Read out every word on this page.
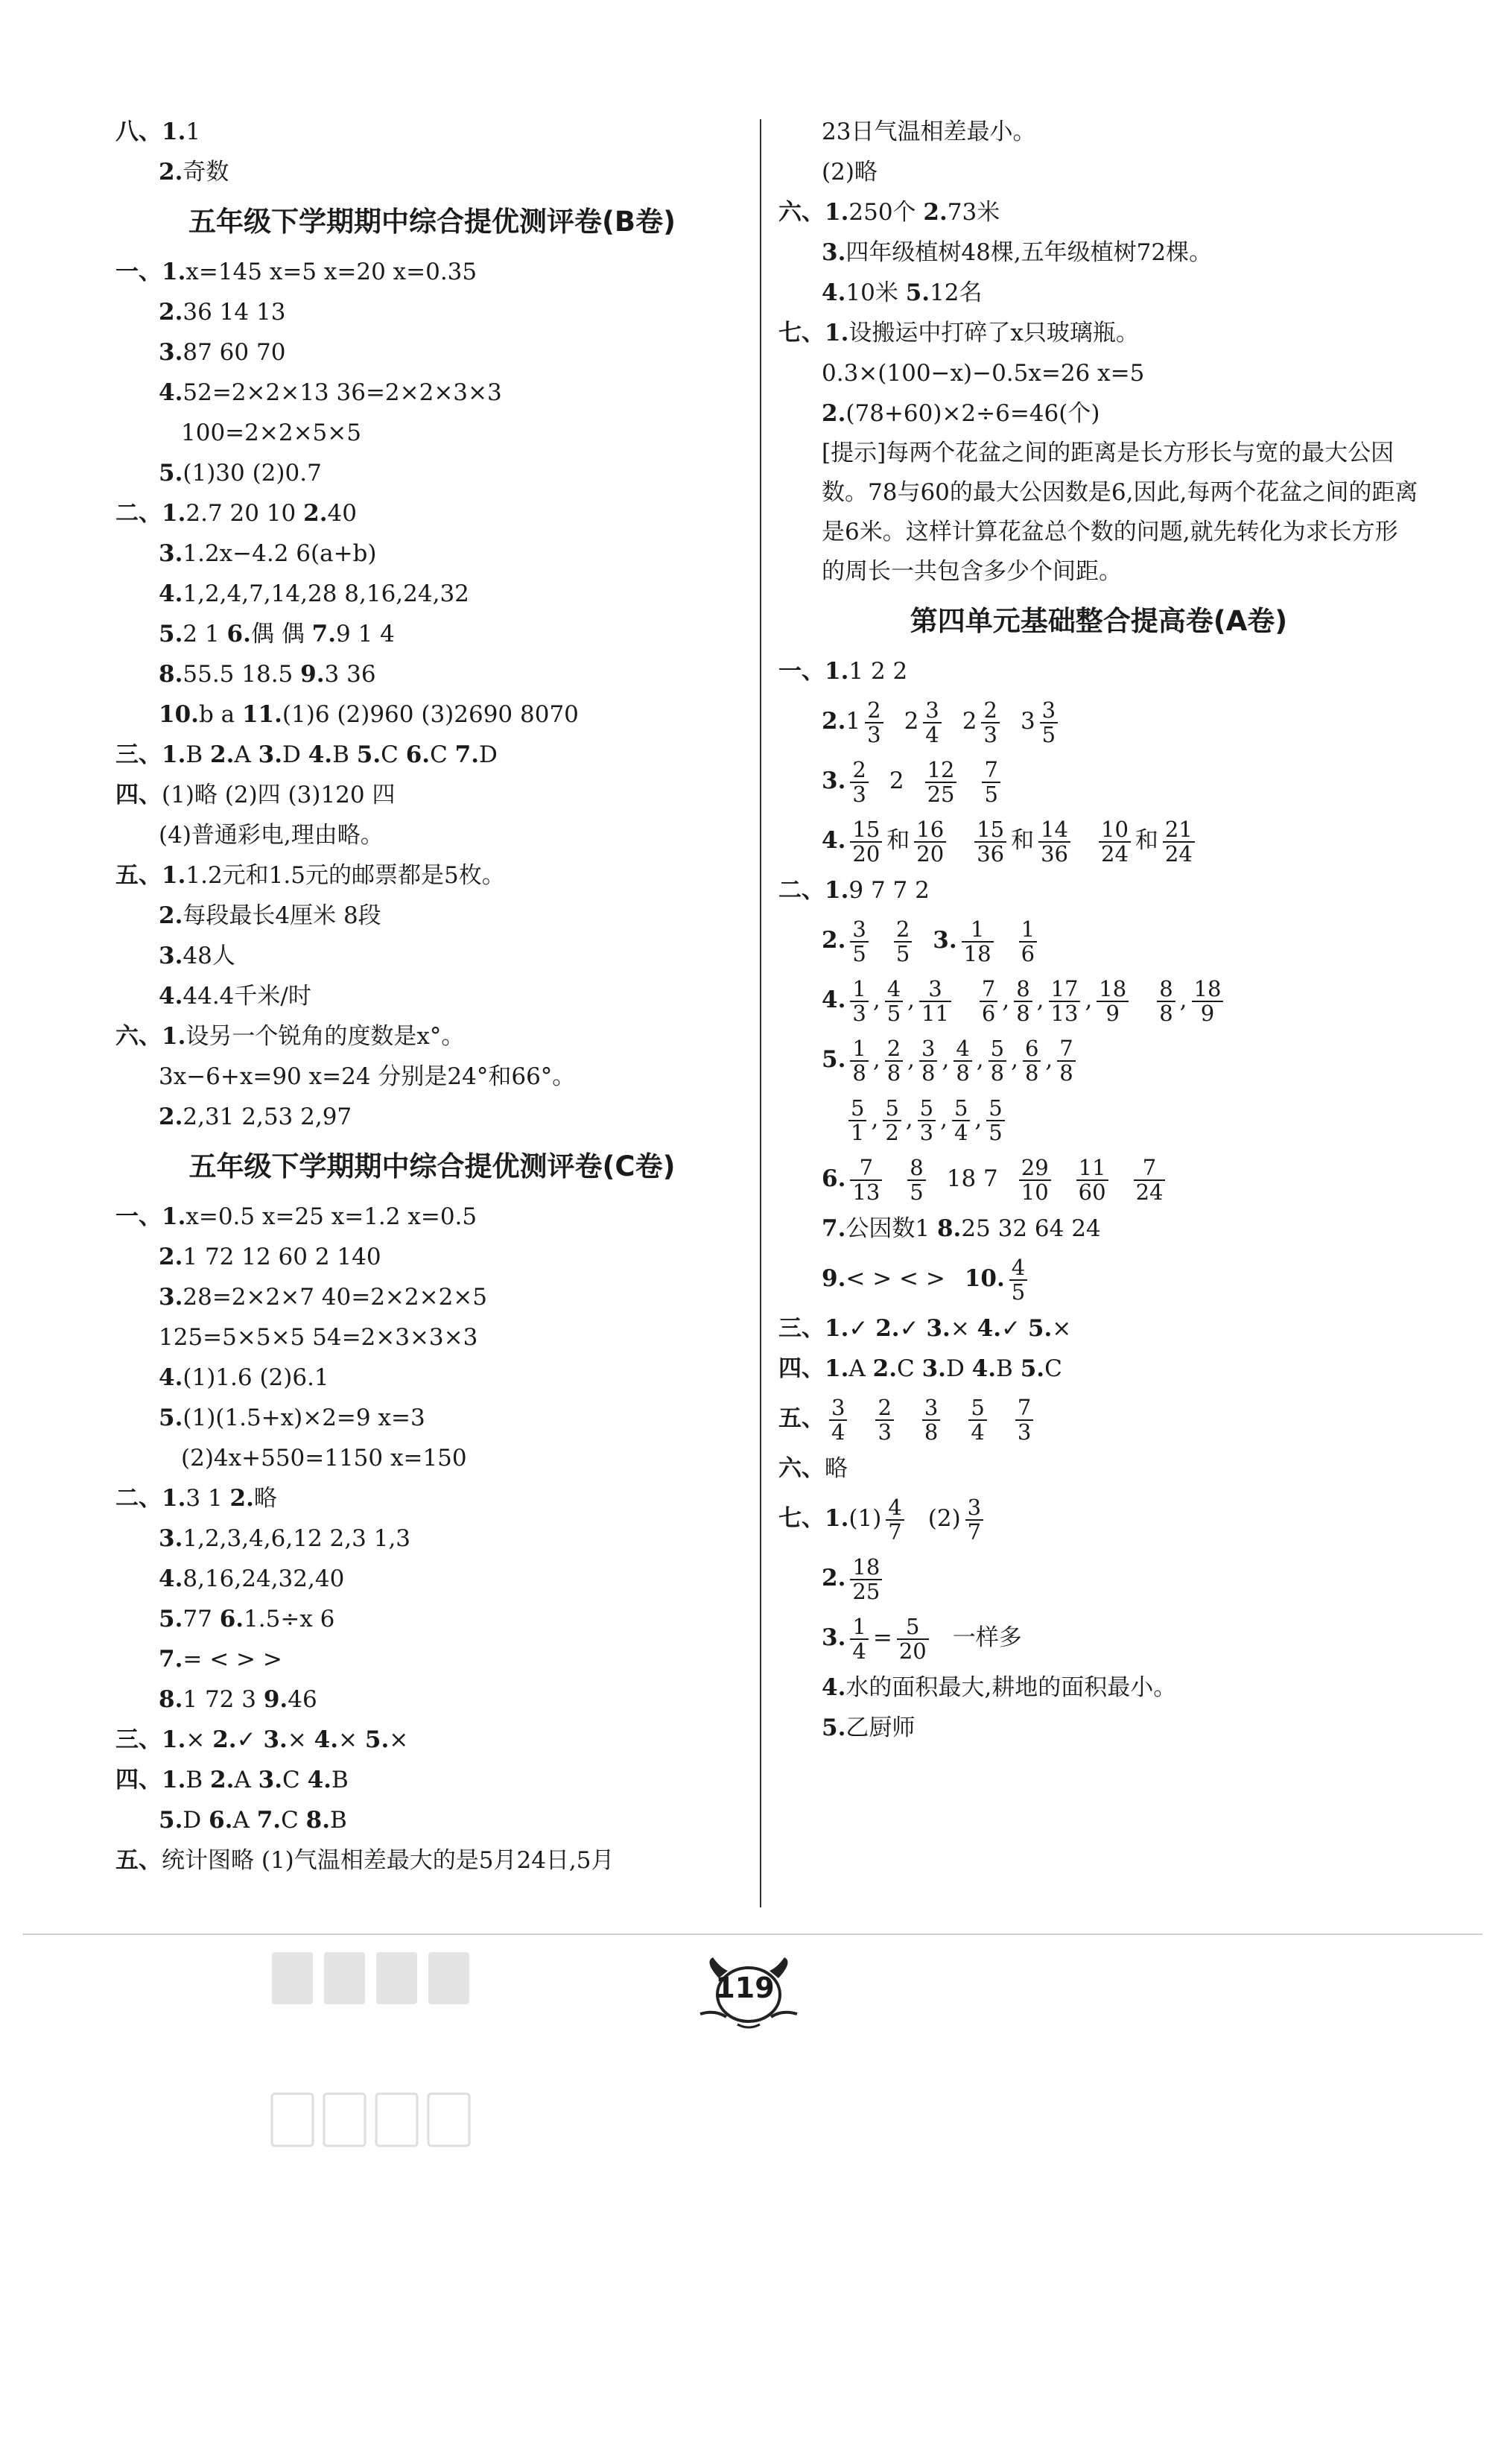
八、1.1
2.奇数
五年级下学期期中综合提优测评卷(B卷)
一、1.x=145 x=5 x=20 x=0.35
2.36 14 13
3.87 60 70
4.52=2×2×13 36=2×2×3×3
100=2×2×5×5
5.(1)30 (2)0.7
二、1.2.7 20 10 2.40
3.1.2x−4.2 6(a+b)
4.1,2,4,7,14,28 8,16,24,32
5.2 1 6.偶 偶 7.9 1 4
8.55.5 18.5 9.3 36
10.b a 11.(1)6 (2)960 (3)2690 8070
三、1.B 2.A 3.D 4.B 5.C 6.C 7.D
四、(1)略 (2)四 (3)120 四
(4)普通彩电,理由略。
五、1.1.2元和1.5元的邮票都是5枚。
2.每段最长4厘米 8段
3.48人
4.44.4千米/时
六、1.设另一个锐角的度数是x°。
3x−6+x=90 x=24 分别是24°和66°。
2.2,31 2,53 2,97
五年级下学期期中综合提优测评卷(C卷)
一、1.x=0.5 x=25 x=1.2 x=0.5
2.1 72 12 60 2 140
3.28=2×2×7 40=2×2×2×5
125=5×5×5 54=2×3×3×3
4.(1)1.6 (2)6.1
5.(1)(1.5+x)×2=9 x=3
(2)4x+550=1150 x=150
二、1.3 1 2.略
3.1,2,3,4,6,12 2,3 1,3
4.8,16,24,32,40
5.77 6.1.5÷x 6
7.= < > >
8.1 72 3 9.46
三、1.× 2.✓ 3.× 4.× 5.×
四、1.B 2.A 3.C 4.B
5.D 6.A 7.C 8.B
五、统计图略 (1)气温相差最大的是5月24日,5月
23日气温相差最小。
(2)略
六、1.250个 2.73米
3.四年级植树48棵,五年级植树72棵。
4.10米 5.12名
七、1.设搬运中打碎了x只玻璃瓶。
0.3×(100−x)−0.5x=26 x=5
2.(78+60)×2÷6=46(个)
[提示]每两个花盆之间的距离是长方形长与宽的最大公因数。78与60的最大公因数是6,因此,每两个花盆之间的距离是6米。这样计算花盆总个数的问题,就先转化为求长方形的周长一共包含多少个间距。
第四单元基础整合提高卷(A卷)
一、1.1 2 2
$2.1 \frac{2}{3} 2 \frac{3}{4} 2 \frac{2}{3} 3 \frac{3}{5}$
3. $\frac{2}{3} 2 \frac{12}{25} \frac{7}{5}$
4. $\frac{15}{20}$ 和 $\frac{16}{20} \frac{15}{36}$ 和 $\frac{14}{36} \frac{10}{24}$ 和 $\frac{21}{24}$
二、1.9 7 7 2
2. $\frac{3}{5} \frac{2}{5} 3$. $\frac{1}{18} \frac{1}{6}$
4. $\frac{1}{3}$ , $\frac{4}{5}$ , $\frac{3}{11} \frac{7}{6}$ , $\frac{8}{8}$ , $\frac{17}{13}$ , $\frac{18}{9} \frac{8}{8}$ , $\frac{18}{9}$
5. $\frac{1}{8}$ , $\frac{2}{8}$ , $\frac{3}{8}$ , $\frac{4}{8}$ , $\frac{5}{8}$ , $\frac{6}{8}$ , $\frac{7}{8}$
$\frac{5}{1}$ , $\frac{5}{2}$ , $\frac{5}{3}$ , $\frac{5}{4}$ , $\frac{5}{5}$
6. $\frac{7}{13} \frac{8}{5} 18$ $7 \frac{29}{10} \frac{11}{60} \frac{7}{24}$
7.公因数1 8.25 32 64 24
9.< > < > 10. $\frac{4}{5}$
三、1.✓ 2.✓ 3.× 4.✓ 5.×
四、1.A 2.C 3.D 4.B 5.C
五、 $\frac{3}{4} \frac{2}{3} \frac{3}{8} \frac{5}{4} \frac{7}{3}$
六、略
七、$1.(1) \frac{4}{7} (2) \frac{3}{7}$
2. $\frac{18}{25}$
3. $\frac{1}{4} = \frac{5}{20}$ 一样多
4.水的面积最大,耕地的面积最小。
5.乙厨师
119
